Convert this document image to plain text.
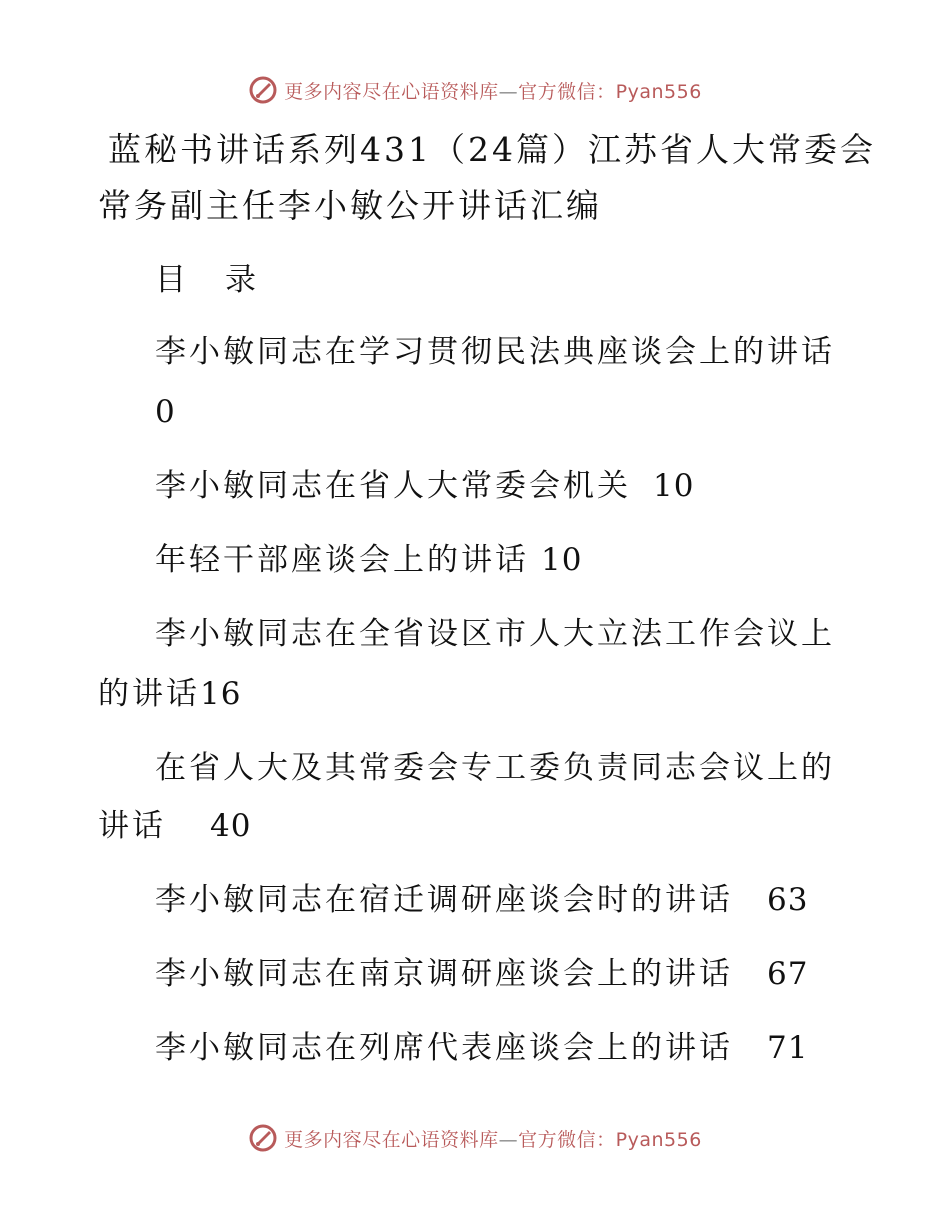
更多内容尽在心语资料库—官方微信：Pyan556
蓝秘书讲话系列431（24篇）江苏省人大常委会
常务副主任李小敏公开讲话汇编
目 录
李小敏同志在学习贯彻民法典座谈会上的讲话
0
李小敏同志在省人大常委会机关 10
年轻干部座谈会上的讲话 10
李小敏同志在全省设区市人大立法工作会议上
的讲话16
在省人大及其常委会专工委负责同志会议上的
讲话 40
李小敏同志在宿迁调研座谈会时的讲话 63
李小敏同志在南京调研座谈会上的讲话 67
李小敏同志在列席代表座谈会上的讲话 71
更多内容尽在心语资料库—官方微信：Pyan556
